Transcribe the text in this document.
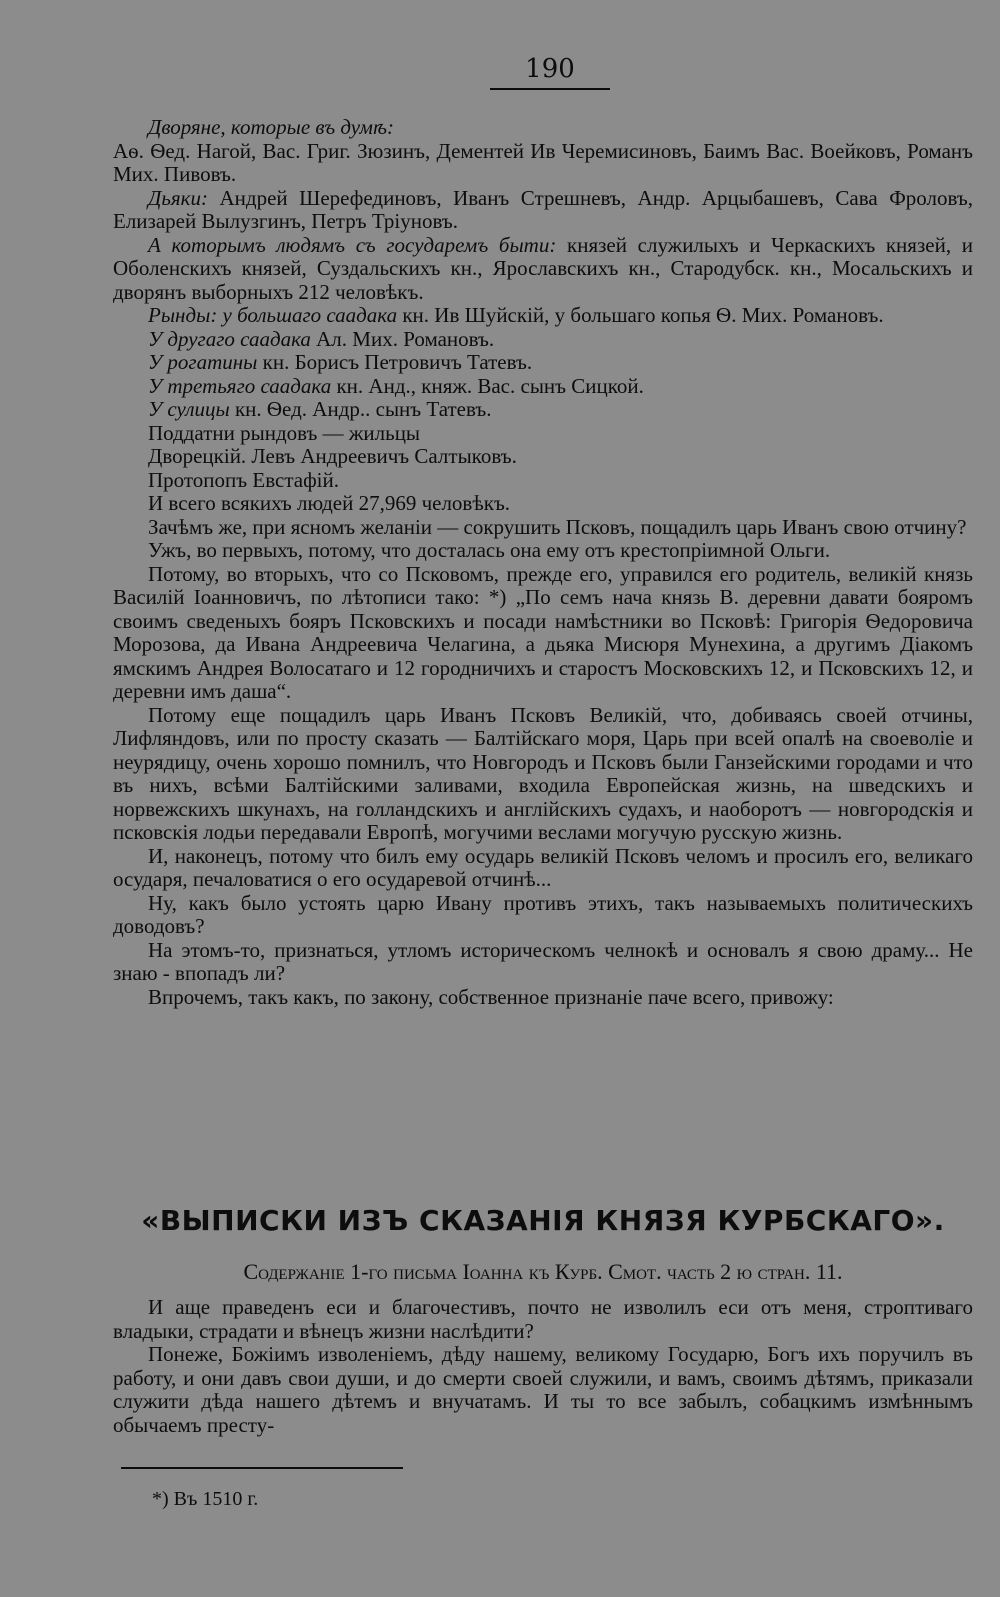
190

Дворяне, которые въ думѣ:

Аѳ. Ѳед. Нагой, Вас. Григ. Зюзинъ, Дементей Ив Черемисиновъ, Баимъ Вас. Воейковъ, Романъ Мих. Пивовъ.

Дьяки: Андрей Шерефединовъ, Иванъ Стрешневъ, Андр. Арцыбашевъ, Сава Фроловъ, Елизарей Вылузгинъ, Петръ Тріуновъ.

А которымъ людямъ съ государемъ быти: князей служилыхъ и Черкаскихъ князей, и Оболенскихъ князей, Суздальскихъ кн., Ярославскихъ кн., Стародубск. кн., Мосальскихъ и дворянъ выборныхъ 212 человѣкъ.

Рынды: у большаго саадака кн. Ив Шуйскій, у большаго копья Ѳ. Мих. Романовъ.

У другаго саадака Ал. Мих. Романовъ.

У рогатины кн. Борисъ Петровичъ Татевъ.

У третьяго саадака кн. Анд., княж. Вас. сынъ Сицкой.

У сулицы кн. Ѳед. Андр.. сынъ Татевъ.

Поддатни рындовъ — жильцы

Дворецкій. Левъ Андреевичъ Салтыковъ.

Протопопъ Евстафій.

И всего всякихъ людей 27,969 человѣкъ.

Зачѣмъ же, при ясномъ желаніи — сокрушить Псковъ, пощадилъ царь Иванъ свою отчину?

Ужъ, во первыхъ, потому, что досталась она ему отъ крестопріимной Ольги.

Потому, во вторыхъ, что со Псковомъ, прежде его, управился его родитель, великій князь Василій Іоанновичъ, по лѣтописи тако: *) „По семъ нача князь В. деревни давати бояромъ своимъ сведеныхъ бояръ Псковскихъ и посади намѣстники во Псковѣ: Григорія Ѳедоровича Морозова, да Ивана Андреевича Челагина, а дьяка Мисюря Мунехина, а другимъ Діакомъ ямскимъ Андрея Волосатаго и 12 городничихъ и старостъ Московскихъ 12, и Псковскихъ 12, и деревни имъ даша“.

Потому еще пощадилъ царь Иванъ Псковъ Великій, что, добиваясь своей отчины, Лифляндовъ, или по просту сказать — Балтійскаго моря, Царь при всей опалѣ на своеволіе и неурядицу, очень хорошо помнилъ, что Новгородъ и Псковъ были Ганзейскими городами и что въ нихъ, всѣми Балтійскими заливами, входила Европейская жизнь, на шведскихъ и норвежскихъ шкунахъ, на голландскихъ и англійскихъ судахъ, и наоборотъ — новгородскія и псковскія лодьи передавали Европѣ, могучими веслами могучую русскую жизнь.

И, наконецъ, потому что билъ ему осударь великій Псковъ челомъ и просилъ его, великаго осударя, печаловатися о его осударевой отчинѣ...

Ну, какъ было устоять царю Ивану противъ этихъ, такъ называемыхъ политическихъ доводовъ?

На этомъ-то, признаться, утломъ историческомъ челнокѣ и основалъ я свою драму... Не знаю - впопадъ ли?

Впрочемъ, такъ какъ, по закону, собственное признаніе паче всего, привожу:

«ВЫПИСКИ ИЗЪ СКАЗАНІЯ КНЯЗЯ КУРБСКАГО».
Содержаніе 1-го письма Іоанна къ Курб. Смот. часть 2 ю стран. 11.

И аще праведенъ еси и благочестивъ, почто не изволилъ еси отъ меня, строптиваго владыки, страдати и вѣнецъ жизни наслѣдити?

Понеже, Божіимъ изволеніемъ, дѣду нашему, великому Государю, Богъ ихъ поручилъ въ работу, и они давъ свои души, и до смерти своей служили, и вамъ, своимъ дѣтямъ, приказали служити дѣда нашего дѣтемъ и внучатамъ. И ты то все забылъ, собацкимъ измѣннымъ обычаемъ престу-

*) Въ 1510 г.
